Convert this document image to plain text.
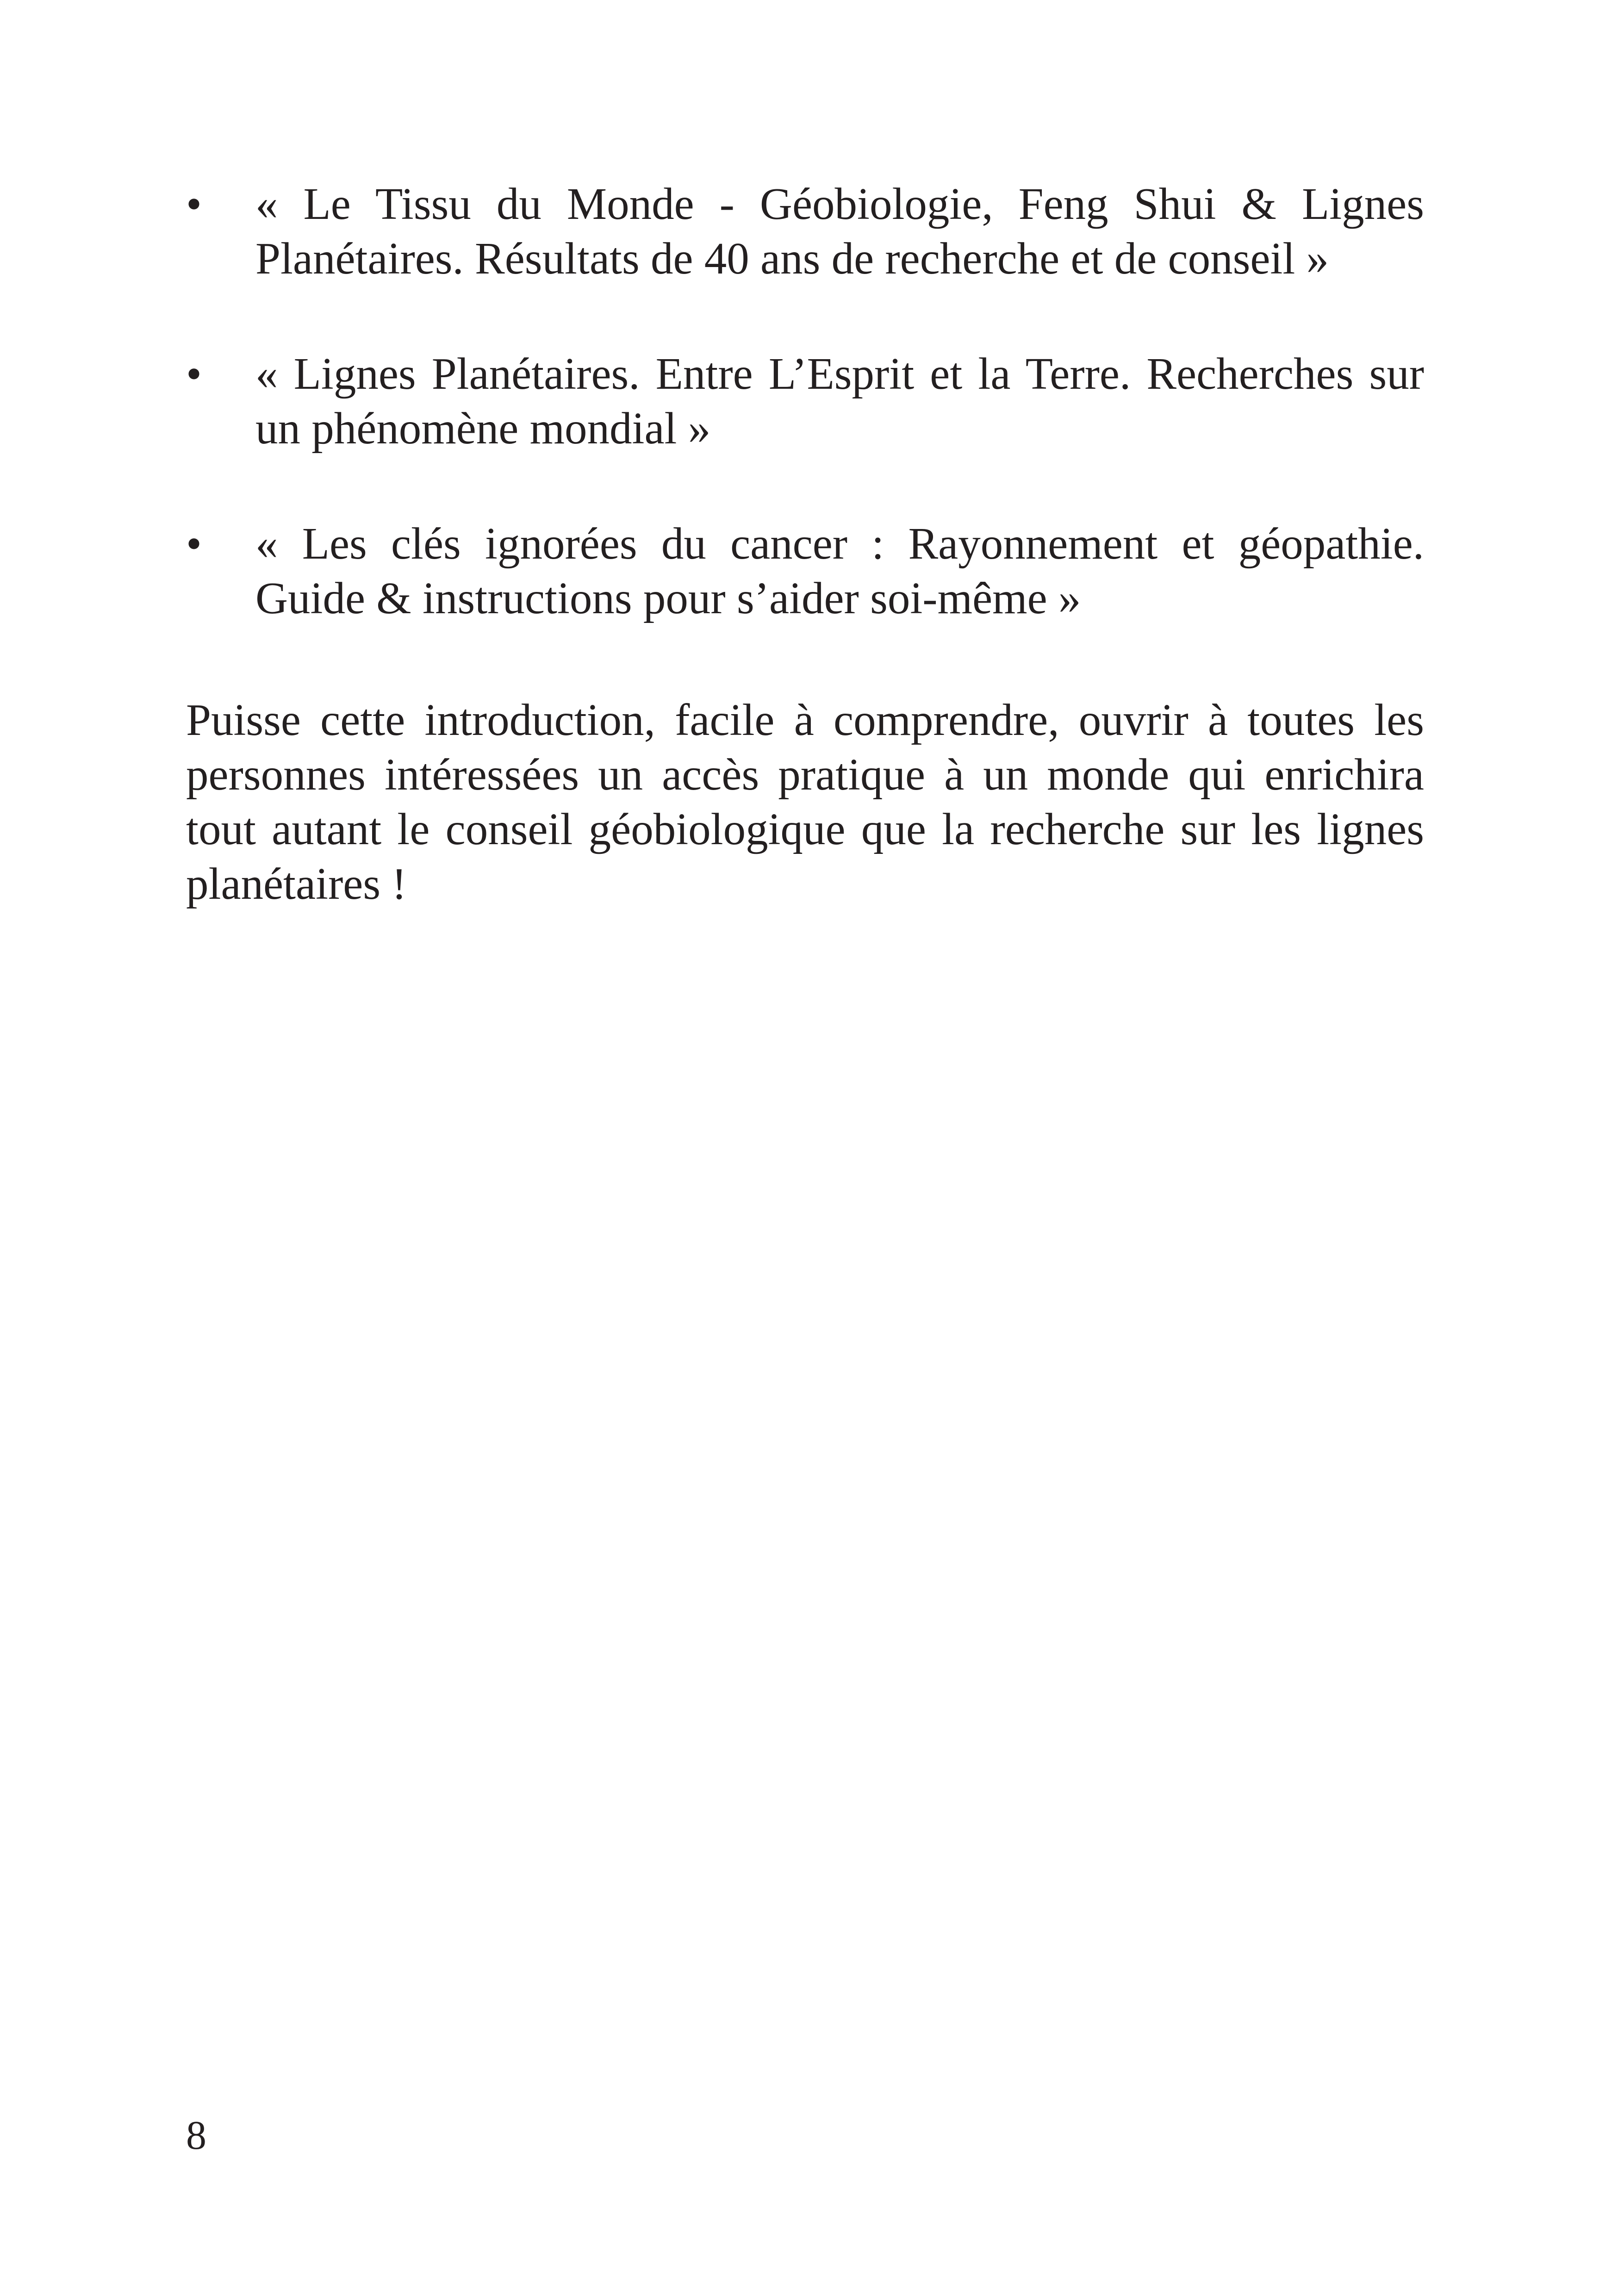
• « Le Tissu du Monde - Géobiologie, Feng Shui & Lignes Planétaires. Résultats de 40 ans de recherche et de conseil »
• « Lignes Planétaires. Entre L’Esprit et la Terre. Recherches sur un phénomène mondial »
• « Les clés ignorées du cancer : Rayonnement et géopathie. Guide & instructions pour s’aider soi-même »

Puisse cette introduction, facile à comprendre, ouvrir à toutes les personnes intéressées un accès pratique à un monde qui enrichira tout autant le conseil géobiologique que la recherche sur les lignes planétaires !

8
